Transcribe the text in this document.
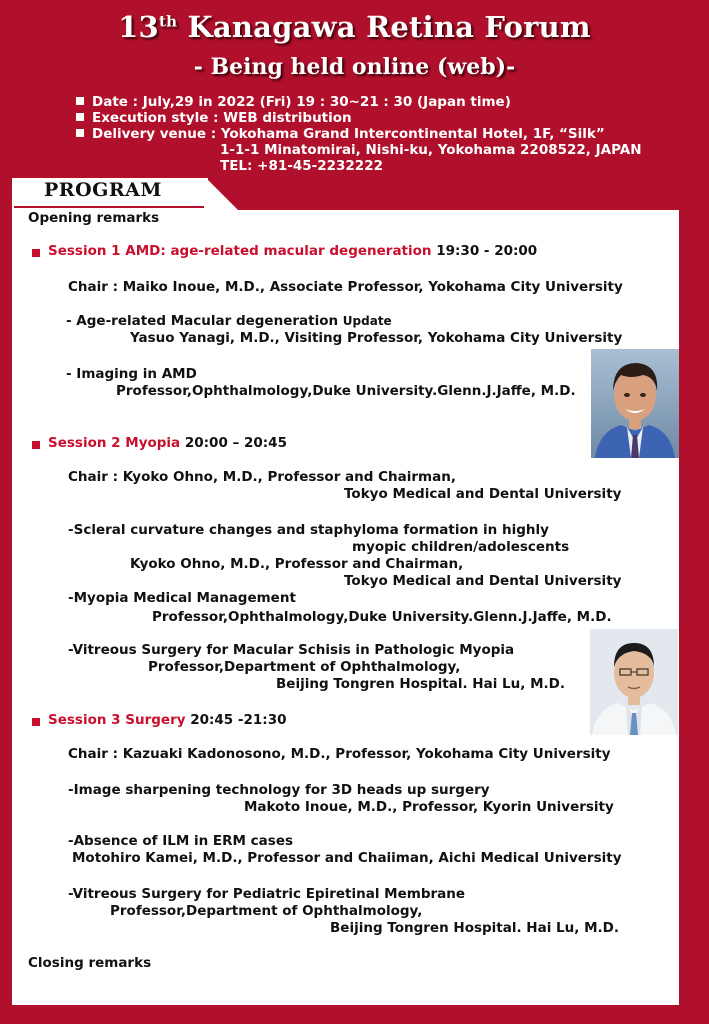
13th Kanagawa Retina Forum
- Being held online (web)-
Date : July,29 in 2022 (Fri) 19 : 30~21 : 30 (Japan time)
Execution style : WEB distribution
Delivery venue : Yokohama Grand Intercontinental Hotel, 1F, “Silk”
1-1-1 Minatomirai, Nishi-ku, Yokohama 2208522, JAPAN
TEL: +81-45-2232222
PROGRAM
Opening remarks
Session 1 AMD: age-related macular degeneration 19:30 - 20:00
Chair : Maiko Inoue, M.D., Associate Professor, Yokohama City University
- Age-related Macular degeneration Update
Yasuo Yanagi, M.D., Visiting Professor, Yokohama City University
- Imaging in AMD
Professor,Ophthalmology,Duke University.Glenn.J.Jaffe, M.D.
Session 2 Myopia 20:00 – 20:45
Chair : Kyoko Ohno, M.D., Professor and Chairman,
Tokyo Medical and Dental University
-Scleral curvature changes and staphyloma formation in highly
myopic children/adolescents
Kyoko Ohno, M.D., Professor and Chairman,
Tokyo Medical and Dental University
-Myopia Medical Management
Professor,Ophthalmology,Duke University.Glenn.J.Jaffe, M.D.
-Vitreous Surgery for Macular Schisis in Pathologic Myopia
Professor,Department of Ophthalmology,
Beijing Tongren Hospital. Hai Lu, M.D.
Session 3 Surgery 20:45 -21:30
Chair : Kazuaki Kadonosono, M.D., Professor, Yokohama City University
-Image sharpening technology for 3D heads up surgery
Makoto Inoue, M.D., Professor, Kyorin University
-Absence of ILM in ERM cases
Motohiro Kamei, M.D., Professor and Chaiiman, Aichi Medical University
-Vitreous Surgery for Pediatric Epiretinal Membrane
Professor,Department of Ophthalmology,
Beijing Tongren Hospital. Hai Lu, M.D.
Closing remarks
